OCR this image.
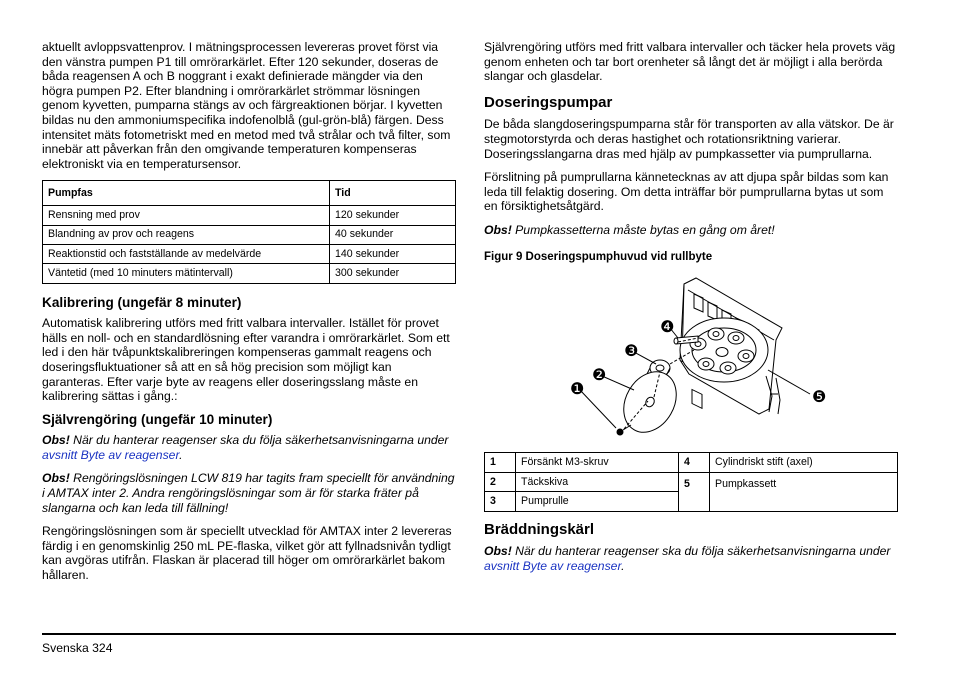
aktuellt avloppsvattenprov. I mätningsprocessen levereras provet först via den vänstra pumpen P1 till omrörarkärlet. Efter 120 sekunder, doseras de båda reagensen A och B noggrant i exakt definierade mängder via den högra pumpen P2. Efter blandning i omrörarkärlet strömmar lösningen genom kyvetten, pumparna stängs av och färgreaktionen börjar. I kyvetten bildas nu den ammoniumspecifika indofenolblå (gul-grön-blå) färgen. Dess intensitet mäts fotometriskt med en metod med två strålar och två filter, som innebär att påverkan från den omgivande temperaturen kompenseras elektroniskt via en temperatursensor.

Pumpfas	Tid
Rensning med prov	120 sekunder
Blandning av prov och reagens	40 sekunder
Reaktionstid och fastställande av medelvärde	140 sekunder
Väntetid (med 10 minuters mätintervall)	300 sekunder
Kalibrering (ungefär 8 minuter)

Automatisk kalibrering utförs med fritt valbara intervaller. Istället för provet hälls en noll- och en standardlösning efter varandra i omrörarkärlet. Som ett led i den här tvåpunktskalibreringen kompenseras gammalt reagens och doseringsfluktuationer så att en så hög precision som möjligt kan garanteras. Efter varje byte av reagens eller doseringsslang måste en kalibrering sättas i gång.:

Självrengöring (ungefär 10 minuter)

Obs! När du hanterar reagenser ska du följa säkerhetsanvisningarna under avsnitt Byte av reagenser.

Obs! Rengöringslösningen LCW 819 har tagits fram speciellt för användning i AMTAX inter 2. Andra rengöringslösningar som är för starka fräter på slangarna och kan leda till fällning!

Rengöringslösningen som är speciellt utvecklad för AMTAX inter 2 levereras färdig i en genomskinlig 250 mL PE-flaska, vilket gör att fyllnadsnivån tydligt kan avgöras utifrån. Flaskan är placerad till höger om omrörarkärlet bakom hållaren.

Självrengöring utförs med fritt valbara intervaller och täcker hela provets väg genom enheten och tar bort orenheter så långt det är möjligt i alla berörda slangar och glasdelar.

Doseringspumpar

De båda slangdoseringspumparna står för transporten av alla vätskor. De är stegmotorstyrda och deras hastighet och rotationsriktning varierar. Doseringsslangarna dras med hjälp av pumpkassetter via pumprullarna.

Förslitning på pumprullarna kännetecknas av att djupa spår bildas som kan leda till felaktig dosering. Om detta inträffar bör pumprullarna bytas ut som en försiktighetsåtgärd.

Obs! Pumpkassetterna måste bytas en gång om året!

Figur 9 Doseringspumphuvud vid rullbyte
❶
❷
❸
❹
❺
1	Försänkt M3-skruv	4	Cylindriskt stift (axel)
2	Täckskiva	5	Pumpkassett
3	Pumprulle		
Bräddningskärl

Obs! När du hanterar reagenser ska du följa säkerhetsanvisningarna under avsnitt Byte av reagenser.

Svenska 324
